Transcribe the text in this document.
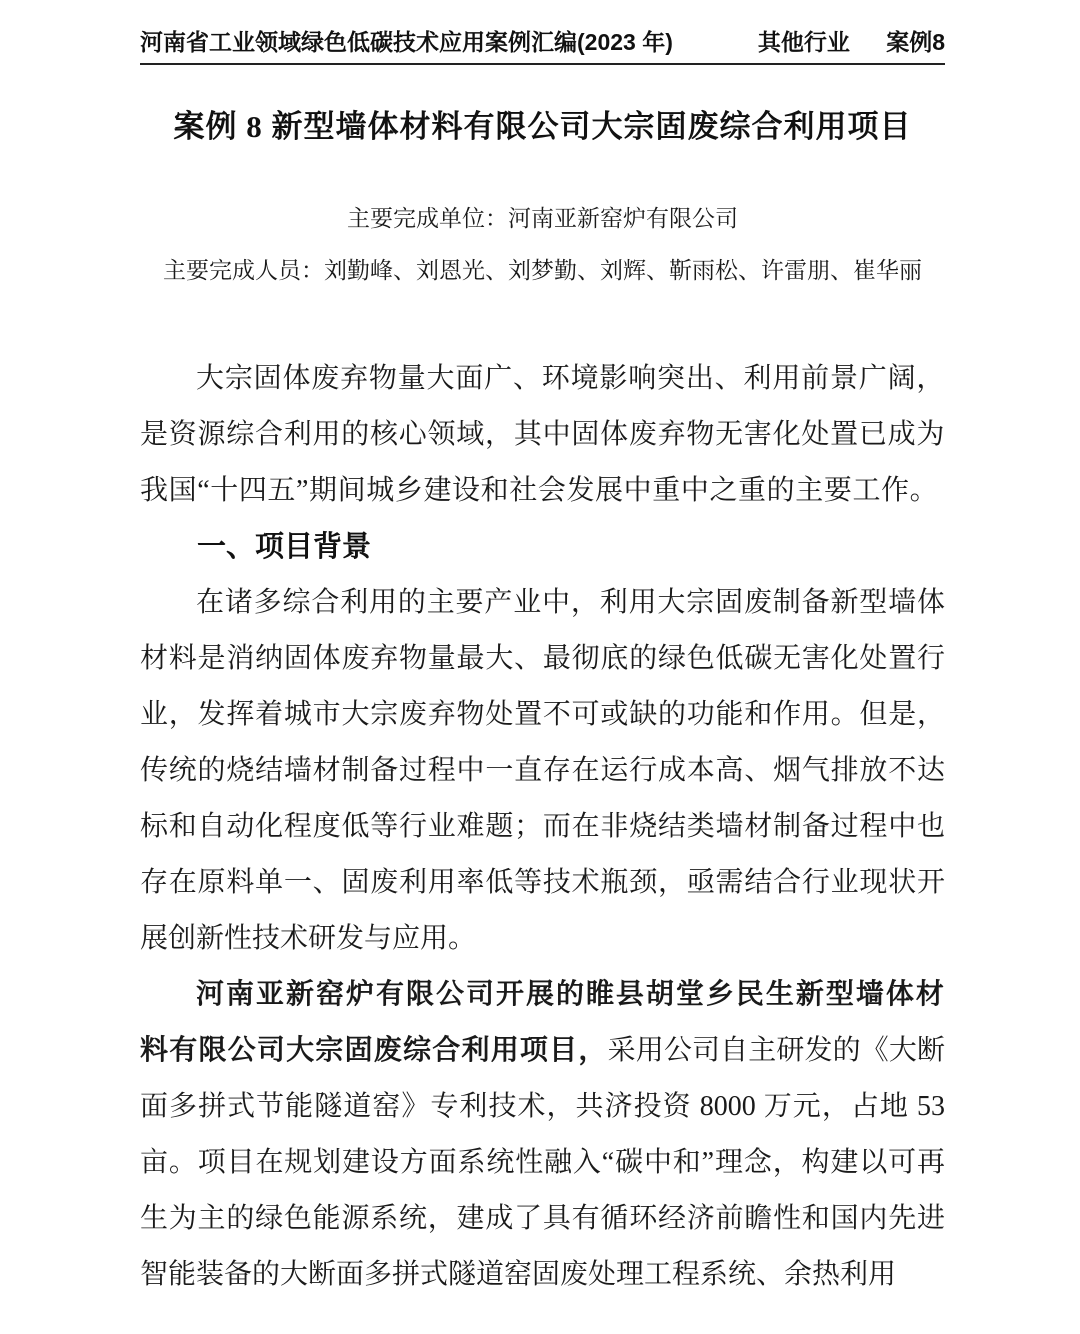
河南省工业领域绿色低碳技术应用案例汇编(2023 年)	其他行业 案例8
案例 8 新型墙体材料有限公司大宗固废综合利用项目

主要完成单位：河南亚新窑炉有限公司

主要完成人员：刘勤峰、刘恩光、刘梦勤、刘辉、靳雨松、许雷朋、崔华丽

大宗固体废弃物量大面广、环境影响突出、利用前景广阔，是资源综合利用的核心领域，其中固体废弃物无害化处置已成为我国“十四五”期间城乡建设和社会发展中重中之重的主要工作。

一、项目背景

在诸多综合利用的主要产业中，利用大宗固废制备新型墙体材料是消纳固体废弃物量最大、最彻底的绿色低碳无害化处置行业，发挥着城市大宗废弃物处置不可或缺的功能和作用。但是，传统的烧结墙材制备过程中一直存在运行成本高、烟气排放不达标和自动化程度低等行业难题；而在非烧结类墙材制备过程中也存在原料单一、固废利用率低等技术瓶颈，亟需结合行业现状开展创新性技术研发与应用。

河南亚新窑炉有限公司开展的睢县胡堂乡民生新型墙体材料有限公司大宗固废综合利用项目，采用公司自主研发的《大断面多拼式节能隧道窑》专利技术，共济投资 8000 万元，占地 53 亩。项目在规划建设方面系统性融入“碳中和”理念，构建以可再生为主的绿色能源系统，建成了具有循环经济前瞻性和国内先进智能装备的大断面多拼式隧道窑固废处理工程系统、余热利用
